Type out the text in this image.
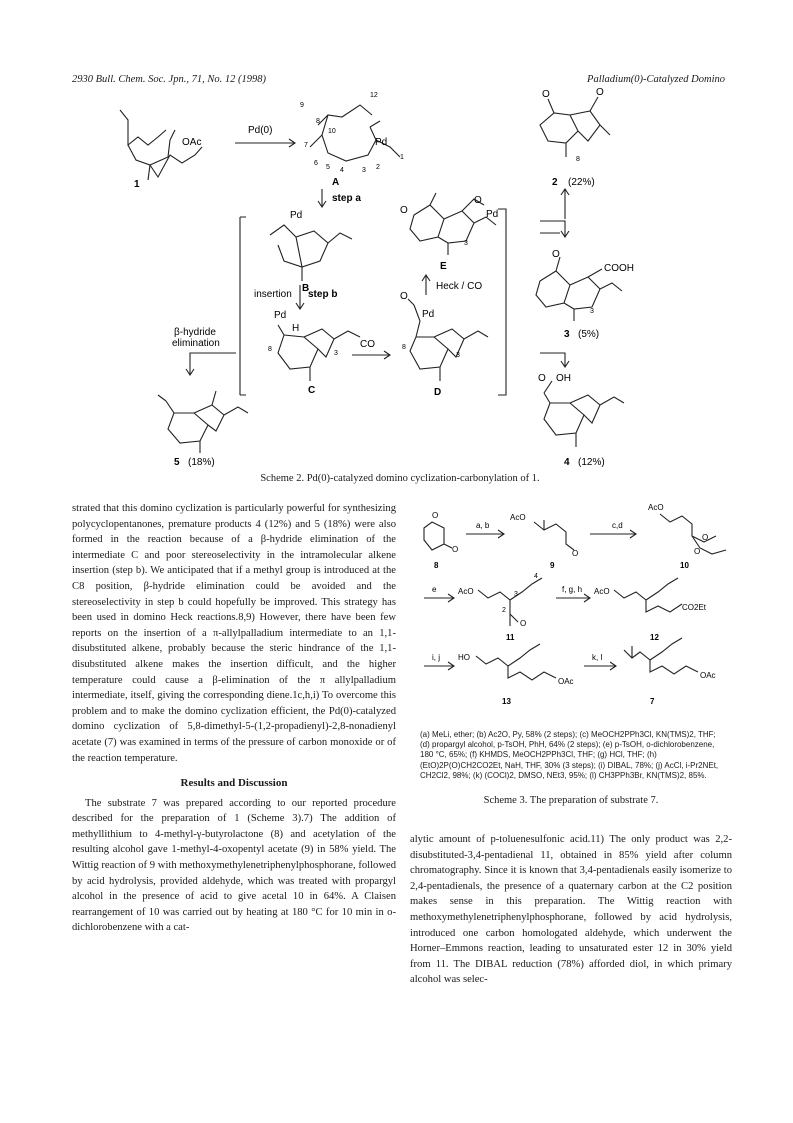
2930 Bull. Chem. Soc. Jpn., 71, No. 12 (1998)	Palladium(0)-Catalyzed Domino
OAc
1
Pd(0)
9
8
10
12
7
6
5 4	3 2
1
Pd
A
step a
Pd
B
insertion step b
β-hydride
elimination
Pd
H
8
3
C
CO
O
Pd
8
3
D
Heck / CO
O
O
Pd
3
E
O	O
8
2 (22%)
O
COOH
3
3 (5%)
O OH
4 (12%)
5 (18%)
Scheme 2. Pd(0)-catalyzed domino cyclization-carbonylation of 1.

strated that this domino cyclization is particularly powerful for synthesizing polycyclopentanones, premature products 4 (12%) and 5 (18%) were also formed in the reaction because of a β-hydride elimination of the intermediate C and poor stereoselectivity in the intramolecular alkene insertion (step b). We anticipated that if a methyl group is introduced at the C8 position, β-hydride elimination could be avoided and the stereoselectivity in step b could hopefully be improved. This strategy has been used in domino Heck reactions.8,9) However, there have been few reports on the insertion of a π-allylpalladium intermediate to an 1,1-disubstituted alkene, probably because the steric hindrance of the 1,1-disubstituted alkene makes the insertion difficult, and the higher temperature could cause a β-elimination of the π allylpalladium intermediate, itself, giving the corresponding diene.1c,h,i) To overcome this problem and to make the domino cyclization efficient, the Pd(0)-catalyzed domino cyclization of 5,8-dimethyl-5-(1,2-propadienyl)-2,8-nonadienyl acetate (7) was examined in terms of the pressure of carbon monoxide or of the reaction temperature.

Results and Discussion

The substrate 7 was prepared according to our reported procedure described for the preparation of 1 (Scheme 3).7) The addition of methyllithium to 4-methyl-γ-butyrolactone (8) and acetylation of the resulting alcohol gave 1-methyl-4-oxopentyl acetate (9) in 58% yield. The Wittig reaction of 9 with methoxymethylenetriphenylphosphorane, followed by acid hydrolysis, provided aldehyde, which was treated with propargyl alcohol in the presence of acid to give acetal 10 in 64%. A Claisen rearrangement of 10 was carried out by heating at 180 °C for 10 min in o-dichlorobenzene with a cat-

O
O
8
a, b
AcO
O
9
c,d
AcO
O
O
10
e	AcO
O
4
3
2
11
f, g, h AcO
CO2Et
12
i, j HO
OAc
13
k, l
OAc
7
(a) MeLi, ether; (b) Ac2O, Py, 58% (2 steps); (c) MeOCH2PPh3Cl, KN(TMS)2, THF; (d) propargyl alcohol, p-TsOH, PhH, 64% (2 steps); (e) p-TsOH, o-dichlorobenzene, 180 °C, 65%; (f) KHMDS, MeOCH2PPh3Cl, THF; (g) HCl, THF; (h) (EtO)2P(O)CH2CO2Et, NaH, THF, 30% (3 steps); (i) DIBAL, 78%; (j) AcCl, i-Pr2NEt, CH2Cl2, 98%; (k) (COCl)2, DMSO, NEt3, 95%; (l) CH3PPh3Br, KN(TMS)2, 85%.
Scheme 3. The preparation of substrate 7.

alytic amount of p-toluenesulfonic acid.11) The only product was 2,2-disubstituted-3,4-pentadienal 11, obtained in 85% yield after column chromatography. Since it is known that 3,4-pentadienals easily isomerize to 2,4-pentadienals, the presence of a quaternary carbon at the C2 position makes sense in this preparation. The Wittig reaction with methoxymethylenetriphenylphosphorane, followed by acid hydrolysis, introduced one carbon homologated aldehyde, which underwent the Horner–Emmons reaction, leading to unsaturated ester 12 in 30% yield from 11. The DIBAL reduction (78%) afforded diol, in which primary alcohol was selec-
